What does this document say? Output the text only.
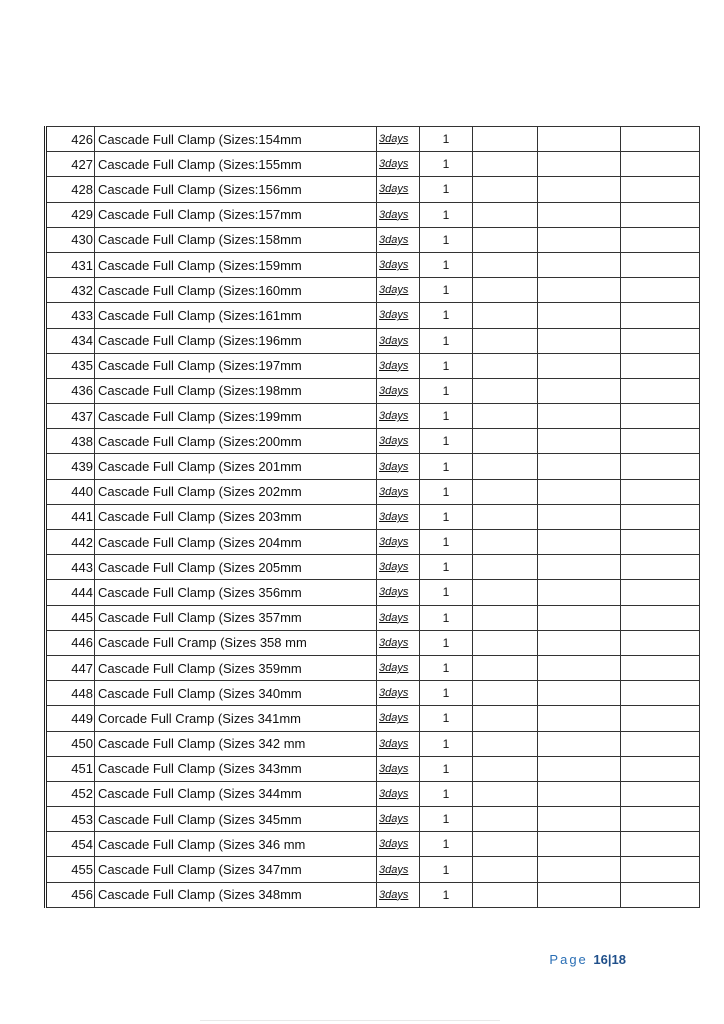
426	Cascade Full Clamp (Sizes:154mm	3days	1			
427	Cascade Full Clamp (Sizes:155mm	3days	1			
428	Cascade Full Clamp (Sizes:156mm	3days	1			
429	Cascade Full Clamp (Sizes:157mm	3days	1			
430	Cascade Full Clamp (Sizes:158mm	3days	1			
431	Cascade Full Clamp (Sizes:159mm	3days	1			
432	Cascade Full Clamp (Sizes:160mm	3days	1			
433	Cascade Full Clamp (Sizes:161mm	3days	1			
434	Cascade Full Clamp (Sizes:196mm	3days	1			
435	Cascade Full Clamp (Sizes:197mm	3days	1			
436	Cascade Full Clamp (Sizes:198mm	3days	1			
437	Cascade Full Clamp (Sizes:199mm	3days	1			
438	Cascade Full Clamp (Sizes:200mm	3days	1			
439	Cascade Full Clamp (Sizes 201mm	3days	1			
440	Cascade Full Clamp (Sizes 202mm	3days	1			
441	Cascade Full Clamp (Sizes 203mm	3days	1			
442	Cascade Full Clamp (Sizes 204mm	3days	1			
443	Cascade Full Clamp (Sizes 205mm	3days	1			
444	Cascade Full Clamp (Sizes 356mm	3days	1			
445	Cascade Full Clamp (Sizes 357mm	3days	1			
446	Cascade Full Cramp (Sizes 358 mm	3days	1			
447	Cascade Full Clamp (Sizes 359mm	3days	1			
448	Cascade Full Clamp (Sizes 340mm	3days	1			
449	Corcade Full Cramp (Sizes 341mm	3days	1			
450	Cascade Full Clamp (Sizes 342 mm	3days	1			
451	Cascade Full Clamp (Sizes 343mm	3days	1			
452	Cascade Full Clamp (Sizes 344mm	3days	1			
453	Cascade Full Clamp (Sizes 345mm	3days	1			
454	Cascade Full Clamp (Sizes 346 mm	3days	1			
455	Cascade Full Clamp (Sizes 347mm	3days	1			
456	Cascade Full Clamp (Sizes 348mm	3days	1			
Page 16|18
